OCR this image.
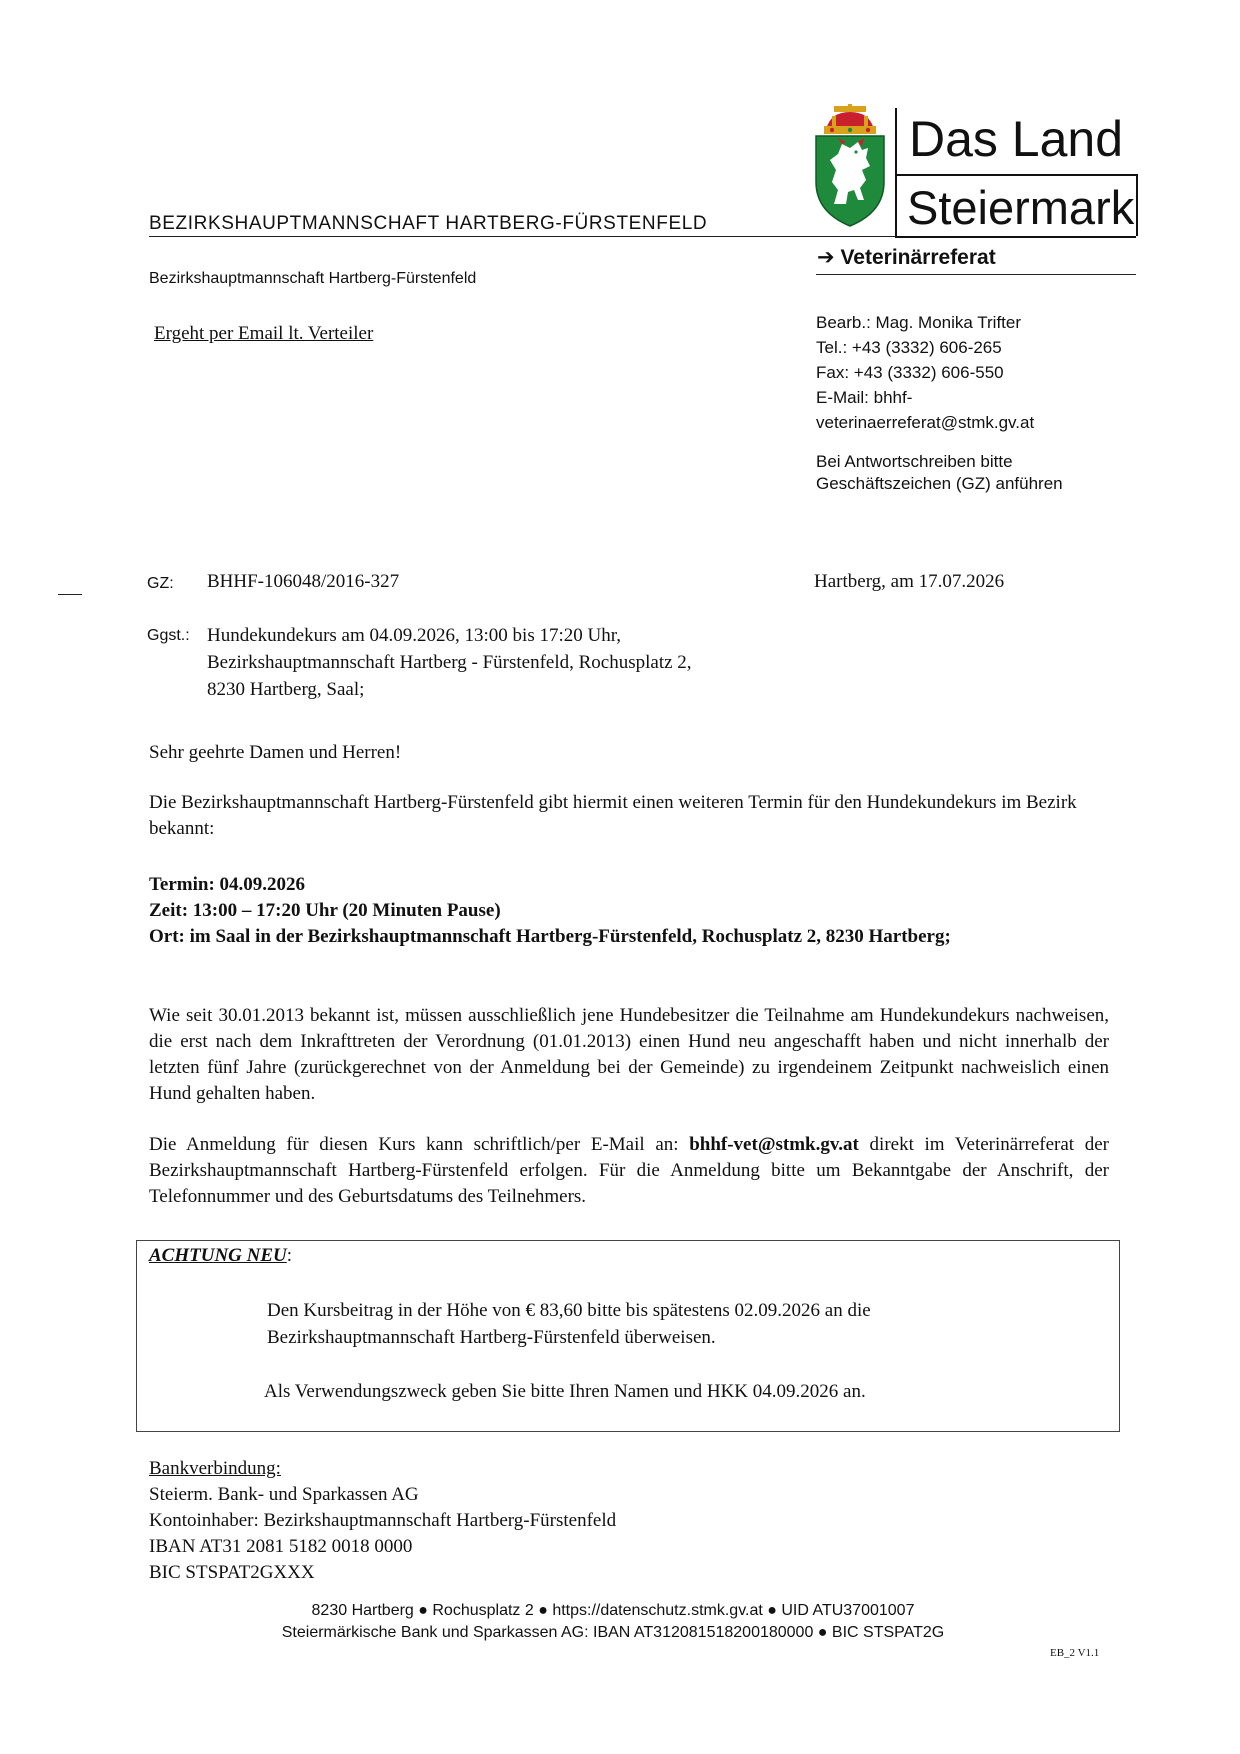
BEZIRKSHAUPTMANNSCHAFT HARTBERG-FÜRSTENFELD
Bezirkshauptmannschaft Hartberg-Fürstenfeld
Ergeht per Email lt. Verteiler
Das Land
Steiermark
➔ Veterinärreferat
Bearb.: Mag. Monika Trifter
Tel.: +43 (3332) 606-265
Fax: +43 (3332) 606-550
E-Mail: bhhf-
veterinaerreferat@stmk.gv.at
Bei Antwortschreiben bitte
Geschäftszeichen (GZ) anführen
GZ: BHHF-106048/2016-327	Hartberg, am 17.07.2026
Ggst.: Hundekundekurs am 04.09.2026, 13:00 bis 17:20 Uhr,
Bezirkshauptmannschaft Hartberg - Fürstenfeld, Rochusplatz 2,
8230 Hartberg, Saal;
Sehr geehrte Damen und Herren!
Die Bezirkshauptmannschaft Hartberg-Fürstenfeld gibt hiermit einen weiteren Termin für den Hundekundekurs im Bezirk bekannt:
Termin: 04.09.2026
Zeit: 13:00 – 17:20 Uhr (20 Minuten Pause)
Ort: im Saal in der Bezirkshauptmannschaft Hartberg-Fürstenfeld, Rochusplatz 2, 8230 Hartberg;
Wie seit 30.01.2013 bekannt ist, müssen ausschließlich jene Hundebesitzer die Teilnahme am Hundekundekurs nachweisen, die erst nach dem Inkrafttreten der Verordnung (01.01.2013) einen Hund neu angeschafft haben und nicht innerhalb der letzten fünf Jahre (zurückgerechnet von der Anmeldung bei der Gemeinde) zu irgendeinem Zeitpunkt nachweislich einen Hund gehalten haben.
Die Anmeldung für diesen Kurs kann schriftlich/per E-Mail an: bhhf-vet@stmk.gv.at direkt im Veterinärreferat der Bezirkshauptmannschaft Hartberg-Fürstenfeld erfolgen. Für die Anmeldung bitte um Bekanntgabe der Anschrift, der Telefonnummer und des Geburtsdatums des Teilnehmers.
ACHTUNG NEU:
Den Kursbeitrag in der Höhe von € 83,60 bitte bis spätestens 02.09.2026 an die
Bezirkshauptmannschaft Hartberg-Fürstenfeld überweisen.
Als Verwendungszweck geben Sie bitte Ihren Namen und HKK 04.09.2026 an.
Bankverbindung:
Steierm. Bank- und Sparkassen AG
Kontoinhaber: Bezirkshauptmannschaft Hartberg-Fürstenfeld
IBAN AT31 2081 5182 0018 0000
BIC STSPAT2GXXX
8230 Hartberg ● Rochusplatz 2 ● https://datenschutz.stmk.gv.at ● UID ATU37001007
Steiermärkische Bank und Sparkassen AG: IBAN AT312081518200180000 ● BIC STSPAT2G
EB_2 V1.1
